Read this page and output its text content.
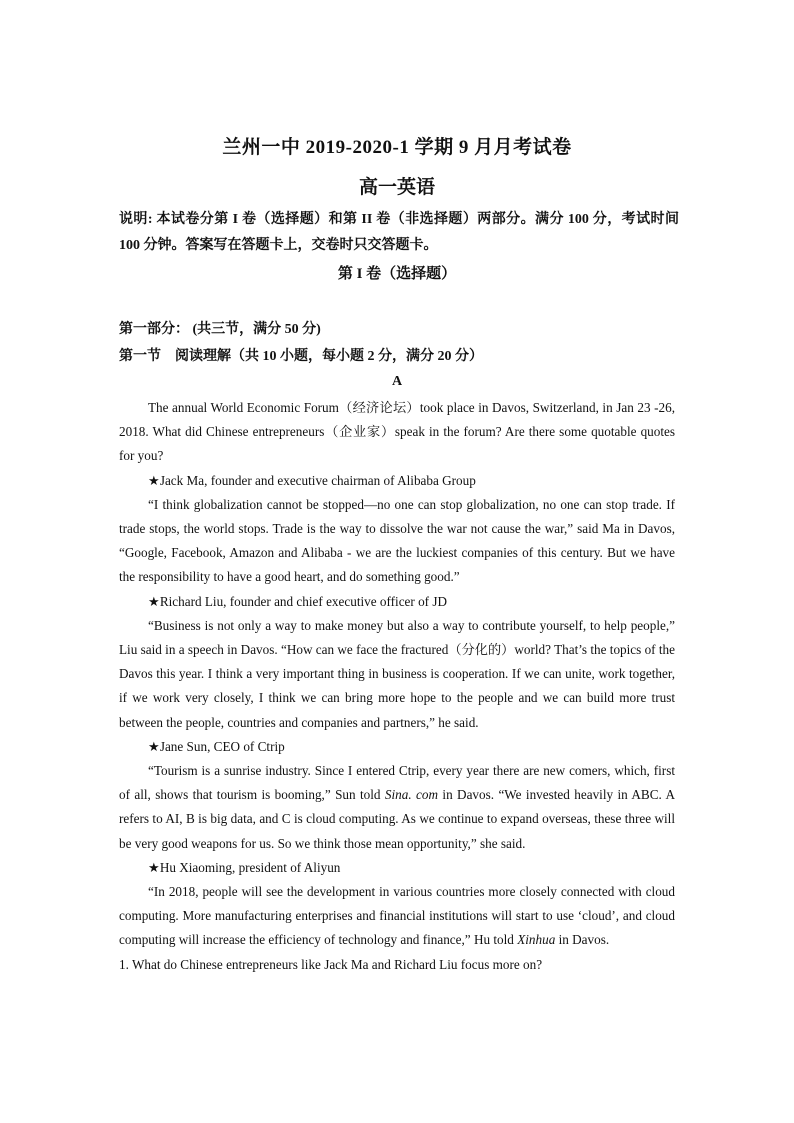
兰州一中 2019-2020-1 学期 9 月月考试卷
高一英语
说明: 本试卷分第 I 卷（选择题）和第 II 卷（非选择题）两部分。满分 100 分，考试时间100 分钟。答案写在答题卡上，交卷时只交答题卡。
第 I 卷（选择题）
第一部分： (共三节，满分 50 分)
第一节　阅读理解（共 10 小题，每小题 2 分，满分 20 分）
A

The annual World Economic Forum（经济论坛）took place in Davos, Switzerland, in Jan 23 -26, 2018. What did Chinese entrepreneurs（企业家）speak in the forum? Are there some quotable quotes for you?

★Jack Ma, founder and executive chairman of Alibaba Group

“I think globalization cannot be stopped—no one can stop globalization, no one can stop trade. If trade stops, the world stops. Trade is the way to dissolve the war not cause the war,” said Ma in Davos, “Google, Facebook, Amazon and Alibaba - we are the luckiest companies of this century. But we have the responsibility to have a good heart, and do something good.”

★Richard Liu, founder and chief executive officer of JD

“Business is not only a way to make money but also a way to contribute yourself, to help people,” Liu said in a speech in Davos. “How can we face the fractured（分化的）world? That’s the topics of the Davos this year. I think a very important thing in business is cooperation. If we can unite, work together, if we work very closely, I think we can bring more hope to the people and we can build more trust between the people, countries and companies and partners,” he said.

★Jane Sun, CEO of Ctrip

“Tourism is a sunrise industry. Since I entered Ctrip, every year there are new comers, which, first of all, shows that tourism is booming,” Sun told Sina. com in Davos. “We invested heavily in ABC. A refers to AI, B is big data, and C is cloud computing. As we continue to expand overseas, these three will be very good weapons for us. So we think those mean opportunity,” she said.

★Hu Xiaoming, president of Aliyun

“In 2018, people will see the development in various countries more closely connected with cloud computing. More manufacturing enterprises and financial institutions will start to use ‘cloud’, and cloud computing will increase the efficiency of technology and finance,” Hu told Xinhua in Davos.

1. What do Chinese entrepreneurs like Jack Ma and Richard Liu focus more on?
